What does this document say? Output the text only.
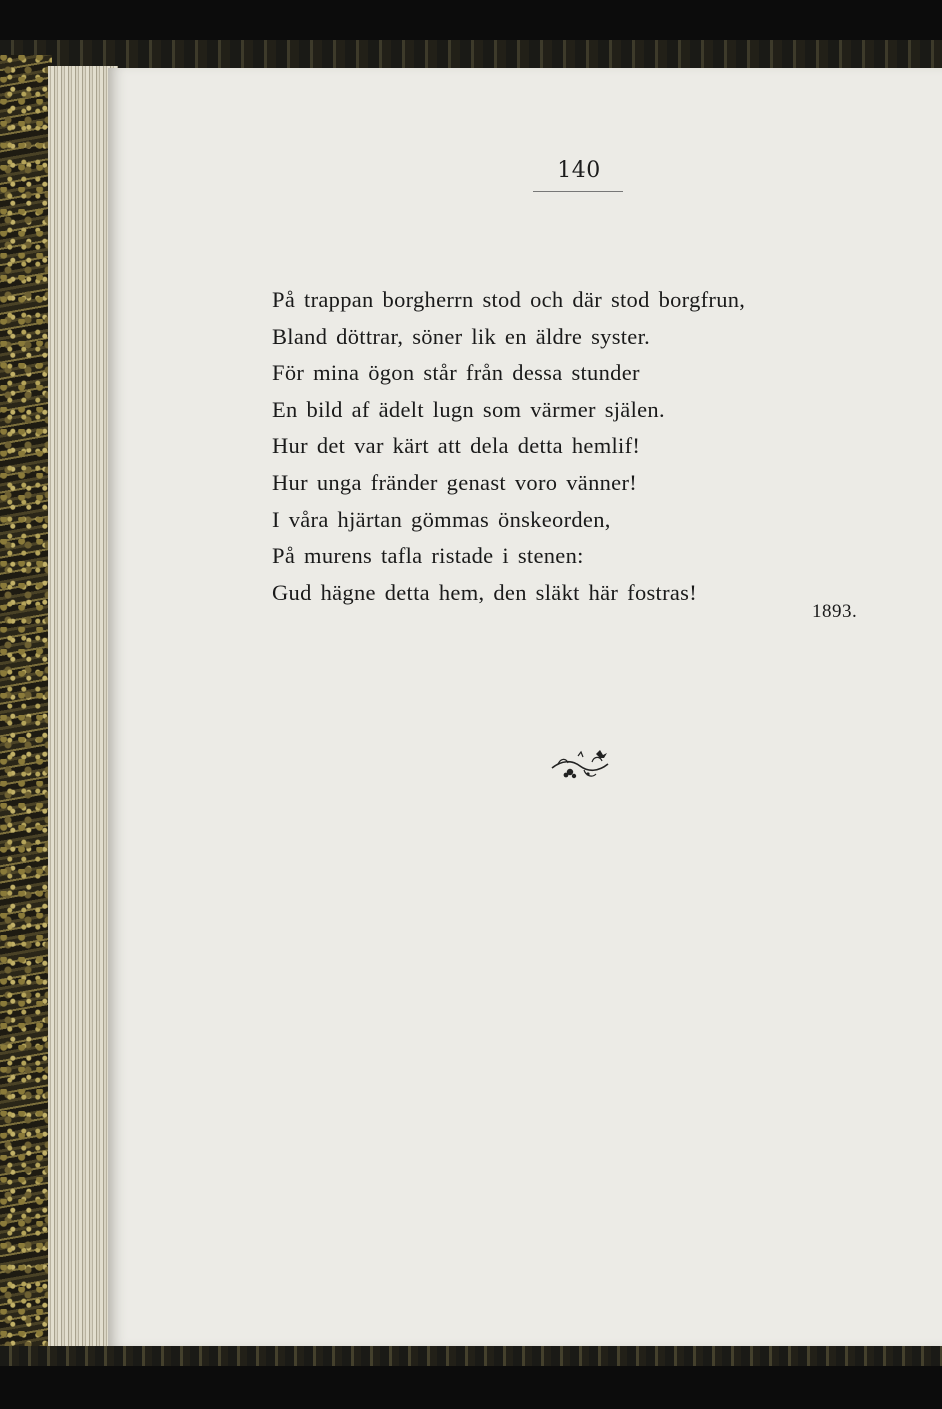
140
På trappan borgherrn stod och där stod borgfrun,
Bland döttrar, söner lik en äldre syster.
För mina ögon står från dessa stunder
En bild af ädelt lugn som värmer själen.
Hur det var kärt att dela detta hemlif!
Hur unga fränder genast voro vänner!
I våra hjärtan gömmas önskeorden,
På murens tafla ristade i stenen:
Gud hägne detta hem, den släkt här fostras!
1893.
